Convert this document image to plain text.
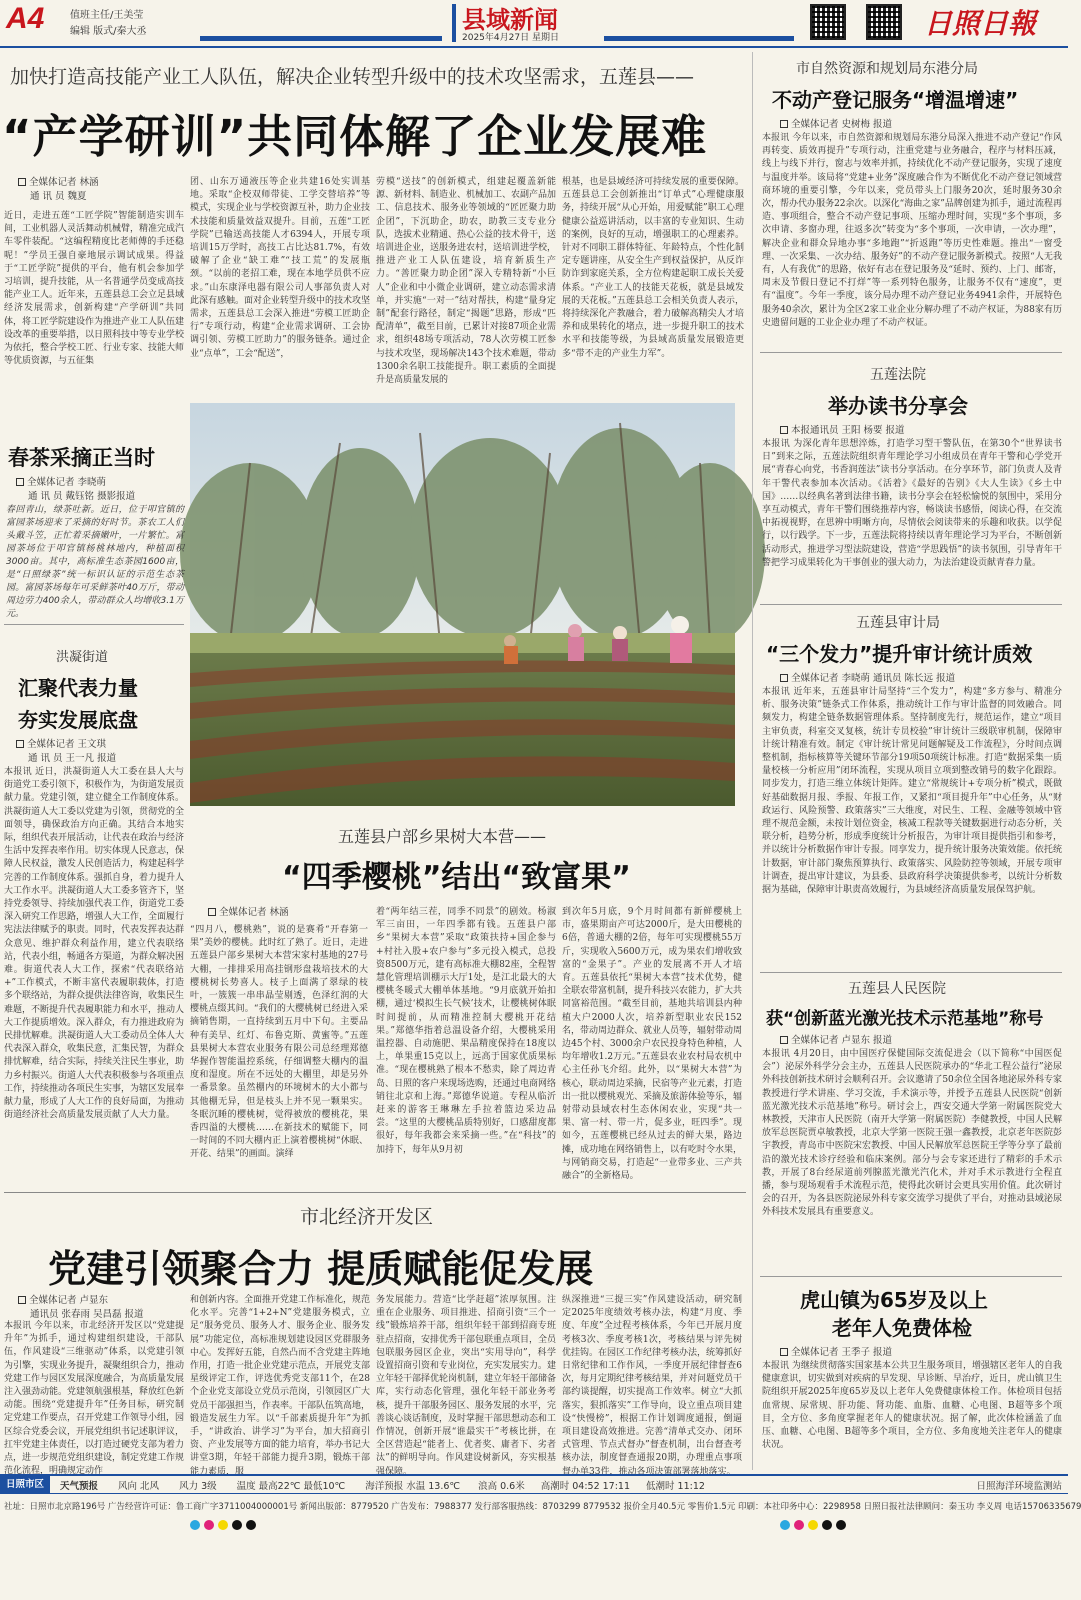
A4	值班主任/王美莹
编辑 版式/秦大丞	县域新闻
2025年4月27日 星期日	日照日報
加快打造高技能产业工人队伍，解决企业转型升级中的技术攻坚需求，五莲县——
“产学研训”共同体解了企业发展难
全媒体记者 林涵
通 讯 员 魏夏
近日，走进五莲“工匠学院”智能制造实训车间，工业机器人灵活舞动机械臂，精准完成汽车零件装配。“这编程精度比老师傅的手还稳呢！”学员王强自豪地展示调试成果。得益于“工匠学院”提供的平台，他有机会参加学习培训，提升技能，从一名普通学员变成高技能产业工人。近年来，五莲县总工会立足县域经济发展需求，创新构建“产学研训”共同体，将工匠学院建设作为推进产业工人队伍建设改革的重要举措，以日照科技中等专业学校为依托，整合学校工匠、行业专家、技能大师等优质资源，与五征集
团、山东万通液压等企业共建16处实训基地。采取“企校双师带徒、工学交替培养”等模式，实现企业与学校资源互补，助力企业技术技能和质量效益双提升。目前，五莲“工匠学院”已输送高技能人才6394人，开展专项培训15万学时，高技工占比达81.7%，有效破解了企业“缺工难”“技工荒”的发展瓶颈。“以前的老招工难，现在本地学员供不应求。”山东康泽电器有限公司人事部负责人对此深有感触。面对企业转型升级中的技术攻坚需求，五莲县总工会深入推进“劳模工匠助企行”专项行动，构建“企业需求调研、工会协调引领、劳模工匠助力”的服务链条。通过企业“点单”，工会“配送”，
劳模“送技”的创新模式，组建起覆盖新能源、新材料、制造业、机械加工、农副产品加工、信息技术、服务业等领域的“匠匠聚力助企团”，下沉助企，助农，助教三支专业分队，选拔术业精通、热心公益的技术骨干，送培训进企业，送服务进农村，送培训进学校，推进产业工人队伍建设，培育新质生产力。“善匠聚力助企团”深入专精特新“小巨人”企业和中小微企业调研，建立动态需求清单，并实施“一对一”结对帮扶，构建“量身定制”配套行路径，制定“揭题”思路，形成“匹配清单”，截至目前，已累计对接87项企业需求，组织48场专项活动，78人次劳模工匠参与技术攻坚，现场解决143个技术难题，带动1300余名职工技能提升。职工素质的全面提升是高质量发展的
根基，也是县域经济可持续发展的重要保障。五莲县总工会创新推出“订单式”心理健康服务，持续开展“从心开始，用爱赋能”职工心理健康公益巡讲活动，以丰富的专业知识、生动的案例，良好的互动，增强职工的心理素养。针对不同职工群体特征、年龄特点，个性化制定专题讲座，从安全生产到权益保护，从反诈防诈到家庭关系，全方位构建起职工成长关爱体系。“产业工人的技能天花板，就是县域发展的天花板。”五莲县总工会相关负责人表示，将持续深化产教融合，着力破解高精尖人才培养和成果转化的堵点，进一步提升职工的技术水平和技能等级，为县域高质量发展锻造更多“带不走的产业生力军”。
春茶采摘正当时
全媒体记者 李晓萌
通 讯 员 戴钰铭 摄影报道
春回青山，绿茶吐新。近日，位于叩官镇的富园茶场迎来了采摘的好时节。茶农工人们头戴斗笠，正忙着采摘嫩叶，一片繁忙。富园茶场位于叩官镇杨桃林地内，种植面积3000亩。其中，高标准生态茶园1600亩，是“日照绿茶”统一标识认证的示范生态茶园。富园茶场每年可采鲜茶叶40万斤，带动周边劳力400余人，带动群众人均增收3.1万元。
洪凝街道
汇聚代表力量
夯实发展底盘
全媒体记者 王文琪
通 讯 员 王一凡 报道
本报讯 近日，洪凝街道人大工委在县人大与街道党工委引领下，积极作为，为街道发展贡献力量。党建引领，建立健全工作制度体系。洪凝街道人大工委以党建为引领，贯彻党的全面领导，确保政治方向正确。其结合本地实际，组织代表开展活动，让代表在政治与经济生活中发挥表率作用。切实体现人民意志，保障人民权益，激发人民创造活力，构建起科学完善的工作制度体系。强抓自身，着力提升人大工作水平。洪凝街道人大工委多管齐下，坚持党委领导、持续加强代表工作，街道党工委深入研究工作思路，增强人大工作，全面履行宪法法律赋予的职责。同时，代表发挥表达群众意见、维护群众利益作用，建立代表联络站，代表小组，畅通各方渠道，为群众解决困难。街道代表人大工作，探索“代表联络站+”工作模式，不断丰富代表履职载体，打造多个联络站，为群众提供法律咨询，收集民生难题，不断提升代表履职能力和水平，推动人大工作提质增效。深入群众，有力推进政府为民排忧解难。洪凝街道人大工委动员全体人大代表深入群众，收集民意，汇集民智，为群众排忧解难，结合实际，持续关注民生事业，助力乡村振兴。街道人大代表积极参与各项重点工作，持续推动各项民生实事，为辖区发展奉献力量，形成了人大工作的良好局面，为推动街道经济社会高质量发展贡献了人大力量。
五莲县户部乡果树大本营——
“四季樱桃”结出“致富果”
全媒体记者 林涵
“四月八，樱桃熟”，说的是赛肴“开春第一果”美妙的樱桃。此时红了熟了。近日，走进五莲县户部乡果树大本营宋家村基地的27号大棚，一排排采用高挂钢形盘栽培技术的大樱桃树长势喜人。枝子上面满了翠绿的枝叶，一簇簇一串串晶莹剔透，色泽红润的大樱桃点缀其间。“我们的大樱桃树已经进入采摘销售期，一直持续到五月中下旬。主要品种有美早、红灯、布鲁克斯、黄蜜等。”五莲县果树大本营农业服务有限公司总经理郑德华握作智能温控系统，仔细调整大棚内的温度和湿度。所在不远处的大棚里，却是另外一番景象。虽然棚内的环境树木的大小都与其他棚无异，但是枝头上并不见一颗果实。冬眠沉睡的樱桃树，觉得被放的樱桃花，果香四溢的大樱桃……在新技术的赋能下，同一时间的不同大棚内正上演着樱桃树“休眠、开花、结果”的画面。演绎
着“两年结三茬，同季不同景”的剧效。杨淑军三亩田，一年四季都有钱。五莲县户部乡“果树大本营”采取“政策扶持+国企参与+村社入股+农户参与”多元投入模式，总投资8500万元，建有高标准大棚82座，全程智慧化管理培训棚示大厅1处，是江北最大的大樱桃冬暖式大棚单体基地。“9月底就开始扣棚，通过‘模拟生长气候’技术，让樱桃树体眠时间提前，从而精准控制大樱桃开花结果。”郑德华指着总温设备介绍，大樱桃采用温控器、自动施肥、果品精度保持在18度以上，单果重15克以上，远高于国家优质果标准。“现在樱桃熟了根本不愁卖，除了周边青岛、日照的客户来现场选购，还通过电商网络销往北京和上海。”郑德华说道。专程从临沂赶来的游客王琳琳左手拉着篮边采边品尝。“这里的大樱桃品质特别好，口感甜度都很好，每年我都会来采摘一些。”在“科技”的加持下，每年从9月初
到次年5月底，9个月时间都有新鲜樱桃上市，盛果期亩产可达2000斤，是大田樱桃的6倍，普通大棚的2倍，每年可实现樱桃55万斤，实现收入5600万元，成为果农们增收致富的“金果子”。产业的发展离不开人才培育。五莲县依托“果树大本营”技术优势，健全联农带富机制，提升科技兴农能力，扩大共同富裕范围。“截至目前，基地共培训县内种植大户2000人次，培养新型职业农民152名，带动周边群众、就业人员等，辐射带动周边45个村、3000余户农民投身特色种植，人均年增收1.2万元。”五莲县农业农村局农机中心主任孙飞介绍。此外，以“果树大本营”为核心，联动周边采摘，民宿等产业元素，打造出一批以樱桃观光、采摘及旅游体验等乐，辐射带动县域农村生态休闲农业，实现“共一果、富一村、带一片，促多业，旺四季”。现如今，五莲樱桃已经从过去的鲜大果，路边摊，成功地在网络销售上，以有吃时令水果，与网销商交易，打造起“一业带多业、三产共融合”的全新格局。
市北经济开发区
党建引领聚合力 提质赋能促发展
全媒体记者 卢显东
通讯员 张春雨 吴昌磊 报道
本报讯 今年以来，市北经济开发区以“党建提升年”为抓手，通过构建组织建设，干部队伍，作风建设“三维驱动”体系，以党建引领为引擎，实现业务提升，凝聚组织合力，推动党建工作与园区发展深度融合，为高质量发展注入强劲动能。党建领航强根基，释放红色新动能。围绕“党建提升年”任务目标，研究制定党建工作要点，召开党建工作领导小组，园区综合党委会议，开展党组织书记述职评议，扛牢党建主体责任，以打造过硬党支部为着力点，进一步规范党组织建设，制定党建工作规范化流程，明确规定动作
和创新内容。全面推开党建工作标准化，规范化水平。完善“1+2+N”党建服务模式，立足“服务党员、服务人才、服务企业、服务发展”功能定位，高标准规划建设园区党群服务中心。发挥好五能，自然凸而不含党建主阵地作用，打造一批企业党建示范点，开展党支部星级评定工作，评选优秀党支部11个，在28个企业党支部设立党员示范岗，引领园区广大党员干部强担当，作表率。干部队伍筑高地，锻造发展生力军。以“千部素质提升年”为抓手，“讲政治、讲学习”为平台，加大招商引资、产业发展等方面的能力培育，举办书记大讲堂3期，年轻干部能力提升3期，锻炼干部能力素质，服
务发展能力。营造“比学赶超”浓厚氛围。注重在企业服务、项目推进、招商引资“三个一线”锻炼培养干部，组织年轻干部到招商专班驻点招商，安排优秀干部包联重点项目，全员包联服务园区企业，突出“实用导向”，科学设置招商引资和专业岗位，充实发展实力。建立年轻干部择优轮岗机制，建立年轻干部储备库，实行动态化管理，强化年轻干部业务考核，提升干部服务园区、服务发展的水平，完善谈心谈话制度，及时掌握干部思想动态和工作情况，创新开展“谁最实干”考核比拼，在全区营造起“能者上、优者奖、庸者下、劣者汰”的鲜明导向。作风建设树新风，夯实根基强保障。
纵深推进“三提三实”作风建设活动，研究制定2025年度绩效考核办法，构建“月度、季度、年度”全过程考核体系，今年已开展月度考核3次、季度考核1次，考核结果与评先树优挂钩。在园区工作纪律考核办法，统筹抓好日常纪律和工作作风，一季度开展纪律督查6次，每月定期纪律考核结果，并对问题党员干部约谈提醒，切实提高工作效率。树立“大抓落实，狠抓落实”工作导向，设立重点项目建设“快慢榜”，根据工作计划调度通报，倒逼项目建设高效推进。完善“清单式交办、闭环式管理、节点式督办”督查机制，出台督查考核办法，制度督查通报20期，办理重点事项督办单33件，推动各项决策部署落地落实。
市自然资源和规划局东港分局
不动产登记服务“增温增速”
全媒体记者 史树梅 报道
本报讯 今年以来，市自然资源和规划局东港分局深入推进不动产登记“作风再转变、质效再提升”专项行动，注重党建与业务融合，程序与材料压减，线上与线下并行，窗志与效率并抓，持续优化不动产登记服务，实现了速度与温度并举。该局将“党建+业务”深度融合作为不断优化不动产登记领域营商环境的重要引擎，今年以来，党员带头上门服务20次，延时服务30余次，帮办代办服务22余次。以深化“海曲之家”品牌创建为抓手，通过流程再造、事项组合，整合不动产登记事项、压缩办理时间，实现“多个事项，多次申请、多窗办理，往返多次”转变为“多个事项，一次申请，一次办理”，解决企业和群众异地办事“多地跑”“折返跑”等历史性难题。推出“一窗受理、一次采集、一次办结、服务好”的不动产登记服务新模式。按照“人无我有，人有我优”的思路，依好有志在登记服务及“延时、预约、上门、邮寄，周末及节假日登记不打烊”等一系列特色服务，让服务不仅有“速度”，更有“温度”。今年一季度，该分局办理不动产登记业务4941余件，开展特色服务40余次，累计为全区2家工业企业分解办理了不动产权证，为88家有历史遗留问题的工业企业办理了不动产权证。
五莲法院
举办读书分享会
本报通讯员 王阳 杨要 报道
本报讯 为深化青年思想淬炼，打造学习型干警队伍，在第30个“世界读书日”到来之际，五莲法院组织青年理论学习小组成员在青年干警和心学党开展“青春心向党，书香润莲法”读书分享活动。在分享环节，部门负责人及青年干警代表参加本次活动。《活着》《最好的告别》《大人生读》《乡土中国》……以经典名著到法律书籍，读书分享会在轻松愉悦的氛围中，采用分享互动模式，青年干警们围绕推荐内容，畅谈读书感悟，阅读心得，在交流中拓视视野，在思辨中明晰方向，尽情依会阅读带来的乐趣和收获。以学促行，以行践学。下一步，五莲法院将持续以青年理论学习为平台，不断创新活动形式，推进学习型法院建设，营造“学思践悟”的读书氛围，引导青年干警把学习成果转化为干事创业的强大动力，为法治建设贡献青春力量。
五莲县审计局
“三个发力”提升审计统计质效
全媒体记者 李晓萌 通讯员 陈长远 报道
本报讯 近年来，五莲县审计局坚持“三个发力”，构建“多方参与、精准分析、服务决策”链条式工作体系，推动统计工作与审计监督的同效融合。同频发力，构建全链条数据管理体系。坚持制度先行，规范运作，建立“项目主审负责，科室交叉复核，统计专员校验”审计统计三级联审机制，保障审计统计精准有效。制定《审计统计常见问题解疑及工作流程》，分时间点调整机制，指标核算等关键环节部分19项50项统计标准。打造“数据采集一质量校核一分析应用”闭环流程，实现从项目立项到整改销号的数字化跟踪。同步发力，打造三维立体统计矩阵。建立“常规统计+专项分析”模式，既做好基础数据月报、季报、年报工作，又紧扣“项目提升年”中心任务，从“财政运行、风险预警、政策落实”三大维度，对民生、工程、金融等领域中管理不规范金额，未按计划位资金，核减工程款等关键数据进行动态分析，关联分析，趋势分析，形成季度统计分析报告，为审计项目提供指引和参考，并以统计分析数据作审计专报。同享发力，提升统计服务决策效能。依托统计数据，审计部门聚焦预算执行、政策落实、风险防控等领域，开展专项审计调查，提出审计建议，为县委、县政府科学决策提供参考，以统计分析数据为基础，保障审计职责高效履行，为县域经济高质量发展保驾护航。
五莲县人民医院
获“创新蓝光激光技术示范基地”称号
全媒体记者 卢显东 报道
本报讯 4月20日，由中国医疗保健国际交流促进会（以下简称“中国医促会”）泌尿外科学分会主办，五莲县人民医院承办的“华北工程公益行”泌尿外科技创新技术研讨会顺利召开。会议邀请了50余位全国各地泌尿外科专家教授进行学术讲座、学习交流，手术演示等，并授予五莲县人民医院“创新蓝光激光技术示范基地”称号。研讨会上，西安交通大学第一附属医院党大林教授，天津市人民医院（南开大学第一附属医院）李健教授，中国人民解放军总医院贾卓敏教授，北京大学第一医院王强一鑫教授，北京老年医院彭宇教授，青岛市中医院宋宏教授、中国人民解放军总医院王学等分享了最前沿的激光技术诊疗经验和临床案例。部分与会专家还进行了精彩的手术示教，开展了8台经尿道前列腺蓝光激光汽化术，并对手术示教进行全程直播，参与现场观看手术流程示范，使得此次研讨会更具实用价值。此次研讨会的召开，为各县医院泌尿外科专家交流学习提供了平台，对推动县域泌尿外科技术发展具有重要意义。
虎山镇为65岁及以上
老年人免费体检
全媒体记者 王季子 报道
本报讯 为继续贯彻落实国家基本公共卫生服务项目，增强辖区老年人的自我健康意识，切实做到对疾病的早发现、早诊断、早治疗，近日，虎山镇卫生院组织开展2025年度65岁及以上老年人免费健康体检工作。体检项目包括血常规、尿常规、肝功能、肾功能、血脂、血糖、心电图、B超等多个项目，全方位、多角度掌握老年人的健康状况。据了解，此次体检涵盖了血压、血糖、心电图、B超等多个项目，全方位、多角度地关注老年人的健康状况。
日照市区	天气预报	风向 北风	风力 3级	温度 最高22℃ 最低10℃	海洋预报 水温 13.6℃	浪高 0.6米	高潮时 04:52 17:11	低潮时 11:12	日照海洋环境监测站
社址：日照市北京路196号 广告经营许可证：鲁工商广字3711004000001号 新闻出版部：8779520 广告发布：7988377 发行部客服热线：8703299 8779532 报价全月40.5元 零售价1.5元 印刷：本社印务中心：2298958 日照日报社法律顾问：秦玉功 李义周 电话15706335679
